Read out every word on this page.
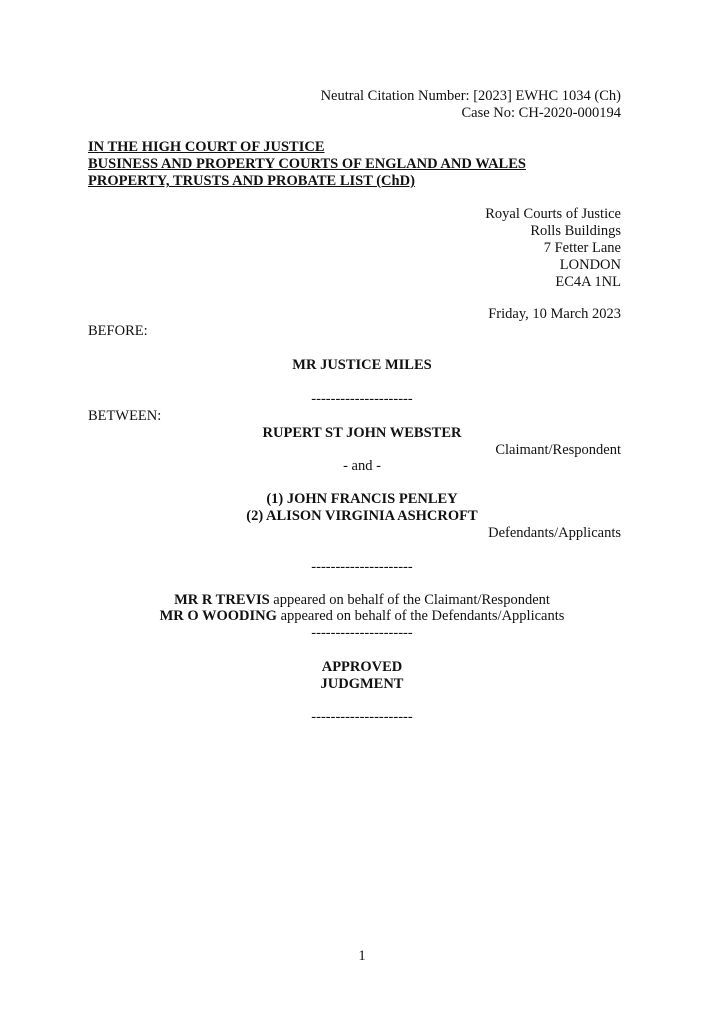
Neutral Citation Number: [2023] EWHC 1034 (Ch)
Case No: CH-2020-000194
IN THE HIGH COURT OF JUSTICE
BUSINESS AND PROPERTY COURTS OF ENGLAND AND WALES
PROPERTY, TRUSTS AND PROBATE LIST (ChD)
Royal Courts of Justice
Rolls Buildings
7 Fetter Lane
LONDON
EC4A 1NL
Friday, 10 March 2023
BEFORE:
MR JUSTICE MILES
---------------------
BETWEEN:
RUPERT ST JOHN WEBSTER
Claimant/Respondent
- and -
(1) JOHN FRANCIS PENLEY
(2) ALISON VIRGINIA ASHCROFT
Defendants/Applicants
---------------------
MR R TREVIS appeared on behalf of the Claimant/Respondent
MR O WOODING appeared on behalf of the Defendants/Applicants
---------------------
APPROVED
JUDGMENT
---------------------
1
